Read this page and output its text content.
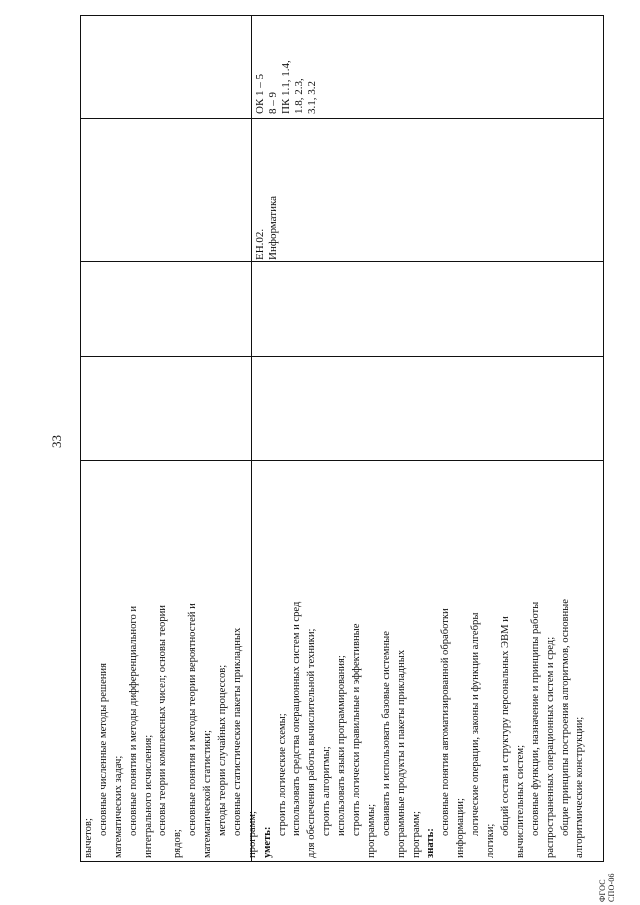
33
вычетов;
основные численные методы решения математических задач; основные понятия и методы дифференциального и интегрального исчисления; основы теории комплексных чисел; основы теории
рядов;
основные понятия и методы теории вероятностей и математической статистики; методы теории случайных процессов; основные статистические пакеты прикладных программ; уметь:
строить логические схемы; использовать средства операционных систем и сред для обеспечения работы вычислительной техники; строить алгоритмы; использовать языки программирования; строить логически правильные и эффективные программы; осваивать и использовать базовые системные программные продукты и пакеты прикладных программ; знать:
основные понятия автоматизированной обработки информации; логические операции, законы и функции алгебры
логики;
общий состав и структуру персональных ЭВМ и вычислительных систем; основные функции, назначение и принципы работы распространенных операционных систем и сред; общие принципы построения алгоритмов, основные алгоритмические конструкции;
ЕН.02. Информатика
ОК 1 – 5 8 – 9 ПК 1.1, 1.4, 1.8, 2.3, 3.1, 3.2
ФГОС СПО-06
